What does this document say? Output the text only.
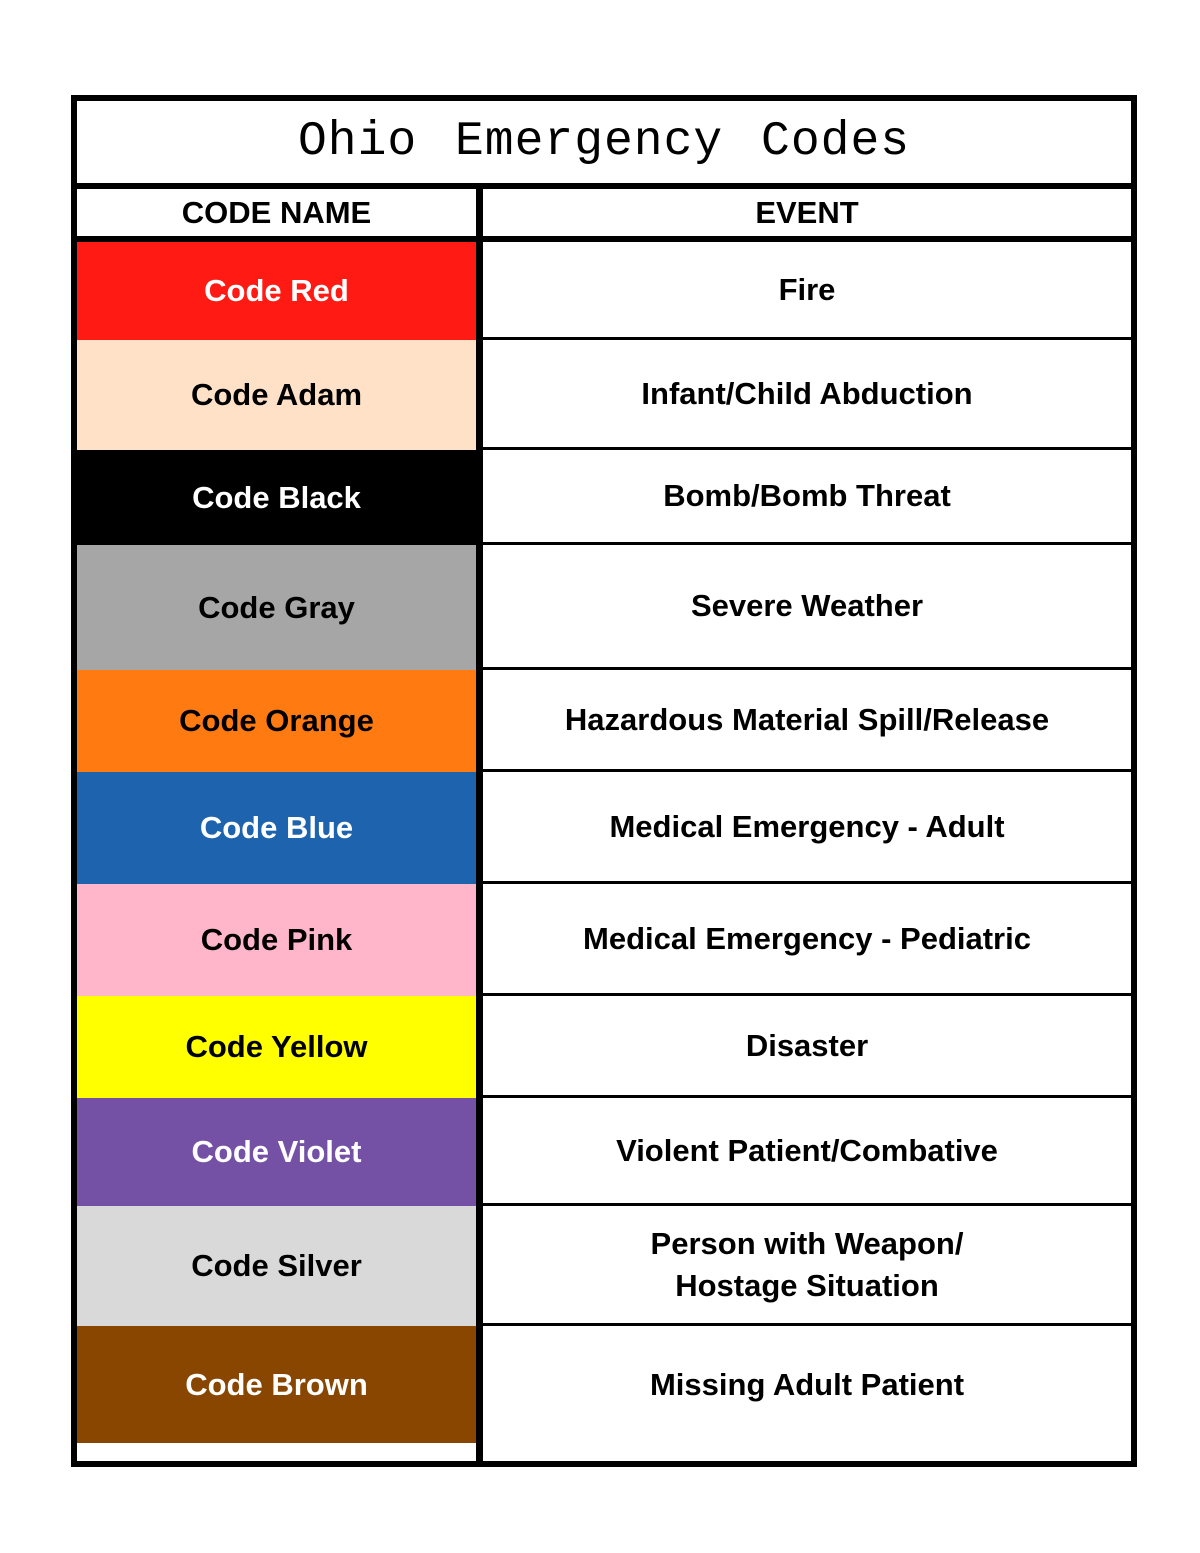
Ohio Emergency Codes
CODE NAME
Code Red
Code Adam
Code Black
Code Gray
Code Orange
Code Blue
Code Pink
Code Yellow
Code Violet
Code Silver
Code Brown
EVENT
Fire
Infant/Child Abduction
Bomb/Bomb Threat
Severe Weather
Hazardous Material Spill/Release
Medical Emergency - Adult
Medical Emergency - Pediatric
Disaster
Violent Patient/Combative
Person with Weapon/
Hostage Situation
Missing Adult Patient
